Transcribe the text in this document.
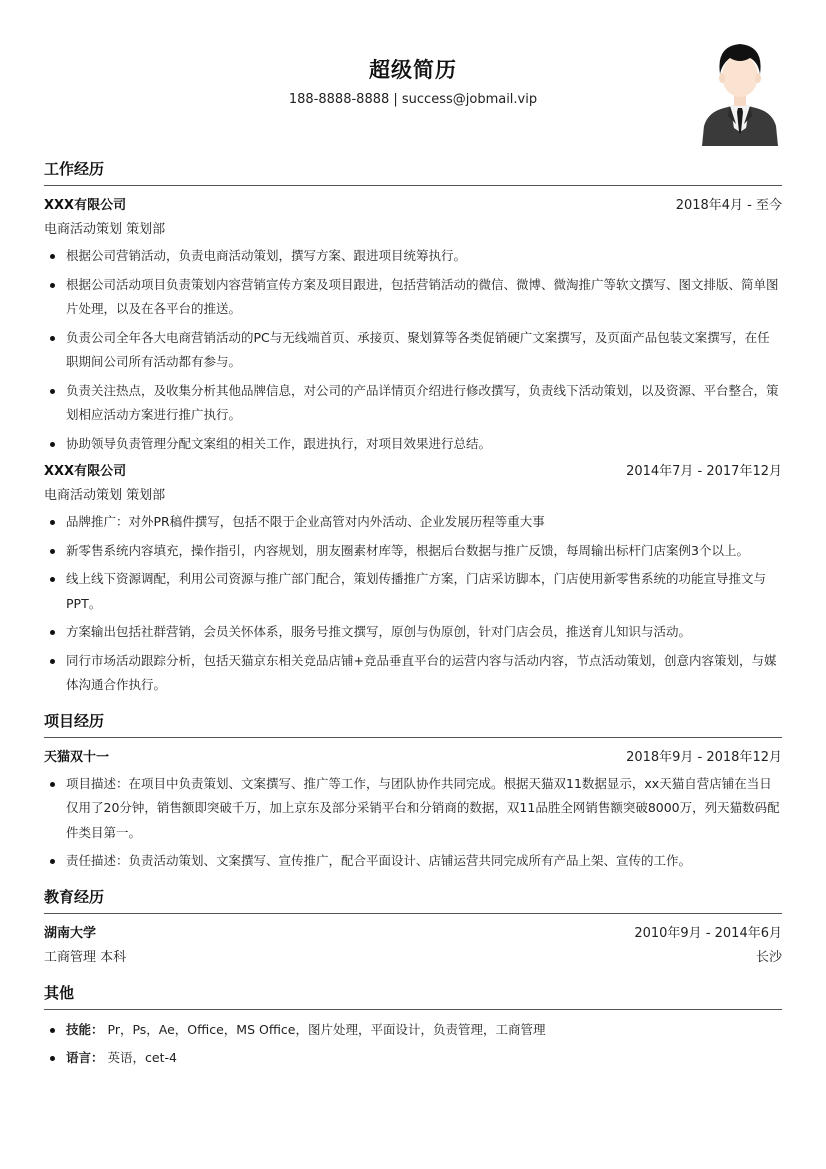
超级简历
188-8888-8888 | success@jobmail.vip
工作经历
XXX有限公司	2018年4月 - 至今
电商活动策划 策划部
根据公司营销活动，负责电商活动策划，撰写方案、跟进项目统筹执行。
根据公司活动项目负责策划内容营销宣传方案及项目跟进，包括营销活动的微信、微博、微淘推广等软文撰写、图文排版、简单图片处理，以及在各平台的推送。
负责公司全年各大电商营销活动的PC与无线端首页、承接页、聚划算等各类促销硬广文案撰写，及页面产品包装文案撰写，在任职期间公司所有活动都有参与。
负责关注热点，及收集分析其他品牌信息，对公司的产品详情页介绍进行修改撰写，负责线下活动策划，以及资源、平台整合，策划相应活动方案进行推广执行。
协助领导负责管理分配文案组的相关工作，跟进执行，对项目效果进行总结。
XXX有限公司	2014年7月 - 2017年12月
电商活动策划 策划部
品牌推广：对外PR稿件撰写，包括不限于企业高管对内外活动、企业发展历程等重大事
新零售系统内容填充，操作指引，内容规划，朋友圈素材库等，根据后台数据与推广反馈，每周输出标杆门店案例3个以上。
线上线下资源调配，利用公司资源与推广部门配合，策划传播推广方案，门店采访脚本，门店使用新零售系统的功能宣导推文与PPT。
方案输出包括社群营销，会员关怀体系，服务号推文撰写，原创与伪原创，针对门店会员，推送育儿知识与活动。
同行市场活动跟踪分析，包括天猫京东相关竞品店铺+竞品垂直平台的运营内容与活动内容，节点活动策划，创意内容策划，与媒体沟通合作执行。
项目经历
天猫双十一	2018年9月 - 2018年12月
项目描述：在项目中负责策划、文案撰写、推广等工作，与团队协作共同完成。根据天猫双11数据显示，xx天猫自营店铺在当日仅用了20分钟，销售额即突破千万，加上京东及部分采销平台和分销商的数据，双11品胜全网销售额突破8000万，列天猫数码配件类目第一。
责任描述：负责活动策划、文案撰写、宣传推广，配合平面设计、店铺运营共同完成所有产品上架、宣传的工作。
教育经历
湖南大学	2010年9月 - 2014年6月
工商管理 本科	长沙
其他
技能： Pr，Ps，Ae，Office，MS Office，图片处理，平面设计，负责管理，工商管理
语言： 英语，cet-4
